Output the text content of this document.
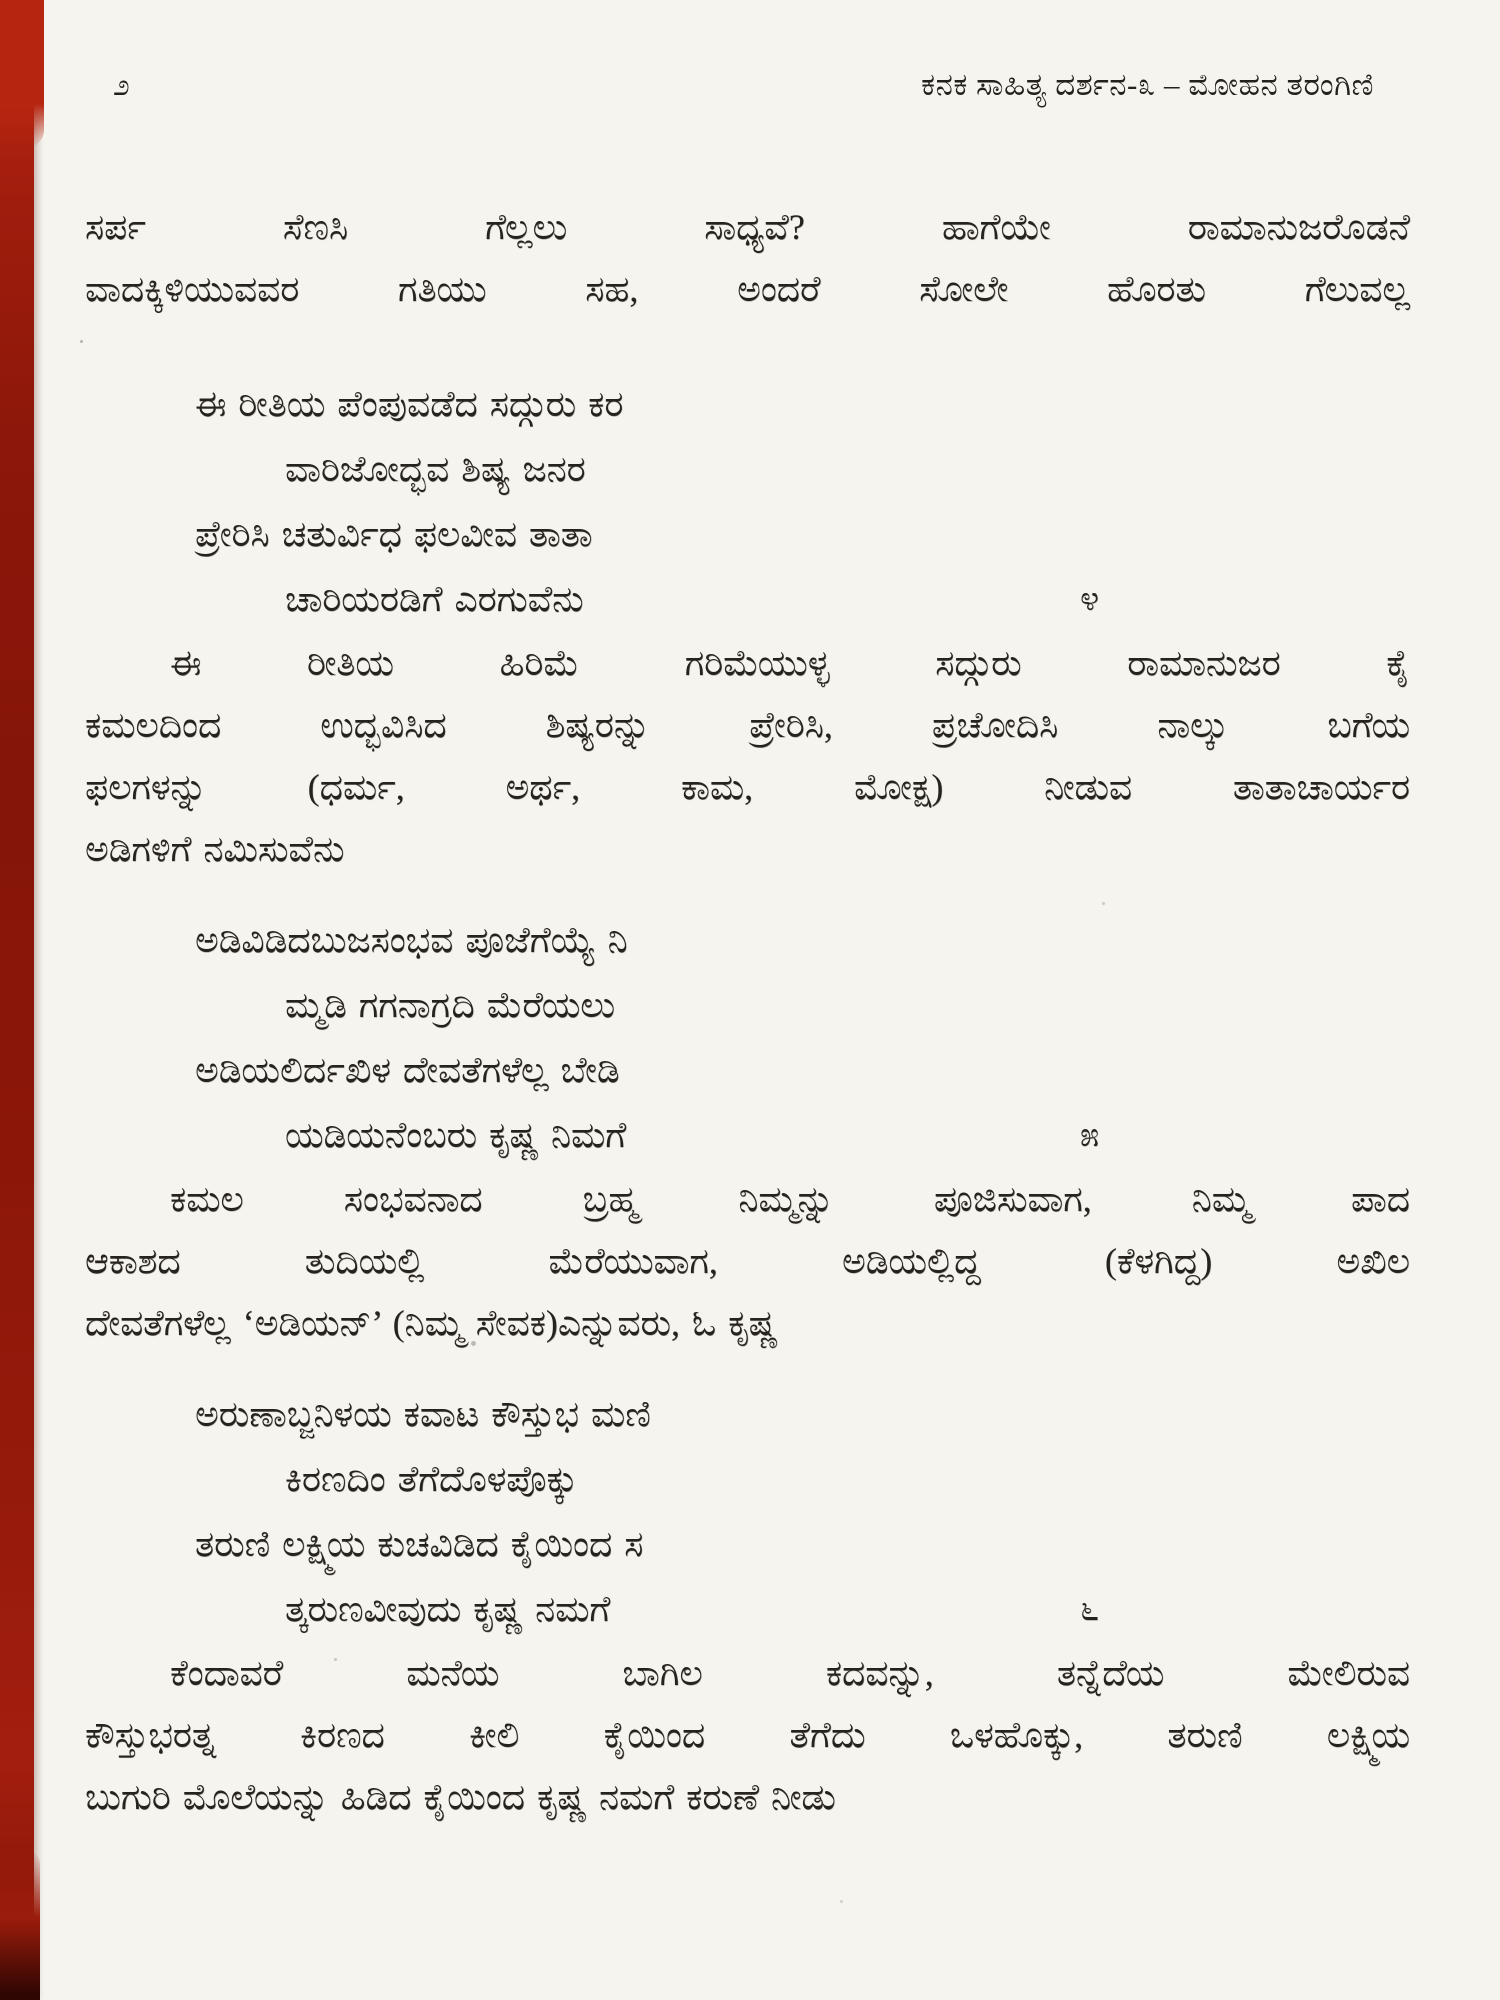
೨	ಕನಕ ಸಾಹಿತ್ಯ ದರ್ಶನ-೩ – ಮೋಹನ ತರಂಗಿಣಿ
ಸರ್ಪ ಸೆಣಸಿ ಗೆಲ್ಲಲು ಸಾಧ್ಯವೆ? ಹಾಗೆಯೇ ರಾಮಾನುಜರೊಡನೆ
ವಾದಕ್ಕಿಳಿಯುವವರ ಗತಿಯು ಸಹ, ಅಂದರೆ ಸೋಲೇ ಹೊರತು ಗೆಲುವಲ್ಲ
ಈ ರೀತಿಯ ಪೆಂಪುವಡೆದ ಸದ್ಗುರು ಕರ
ವಾರಿಜೋದ್ಭವ ಶಿಷ್ಯ ಜನರ
ಪ್ರೇರಿಸಿ ಚತುರ್ವಿಧ ಫಲವೀವ ತಾತಾ
ಚಾರಿಯರಡಿಗೆ ಎರಗುವೆನು	೪
ಈ ರೀತಿಯ ಹಿರಿಮೆ ಗರಿಮೆಯುಳ್ಳ ಸದ್ಗುರು ರಾಮಾನುಜರ ಕೈ
ಕಮಲದಿಂದ ಉದ್ಭವಿಸಿದ ಶಿಷ್ಯರನ್ನು ಪ್ರೇರಿಸಿ, ಪ್ರಚೋದಿಸಿ ನಾಲ್ಕು ಬಗೆಯ
ಫಲಗಳನ್ನು (ಧರ್ಮ, ಅರ್ಥ, ಕಾಮ, ಮೋಕ್ಷ) ನೀಡುವ ತಾತಾಚಾರ್ಯರ
ಅಡಿಗಳಿಗೆ ನಮಿಸುವೆನು
ಅಡಿವಿಡಿದಬುಜಸಂಭವ ಪೂಜೆಗೆಯ್ಯೆ ನಿ
ಮ್ಮಡಿ ಗಗನಾಗ್ರದಿ ಮೆರೆಯಲು
ಅಡಿಯಲಿರ್ದಖಿಳ ದೇವತೆಗಳೆಲ್ಲ ಬೇಡಿ
ಯಡಿಯನೆಂಬರು ಕೃಷ್ಣ ನಿಮಗೆ	೫
ಕಮಲ ಸಂಭವನಾದ ಬ್ರಹ್ಮ ನಿಮ್ಮನ್ನು ಪೂಜಿಸುವಾಗ, ನಿಮ್ಮ ಪಾದ
ಆಕಾಶದ ತುದಿಯಲ್ಲಿ ಮೆರೆಯುವಾಗ, ಅಡಿಯಲ್ಲಿದ್ದ (ಕೆಳಗಿದ್ದ) ಅಖಿಲ
ದೇವತೆಗಳೆಲ್ಲ ‘ಅಡಿಯನ್’ (ನಿಮ್ಮ ಸೇವಕ)ಎನ್ನುವರು, ಓ ಕೃಷ್ಣ
ಅರುಣಾಬ್ಜನಿಳಯ ಕವಾಟ ಕೌಸ್ತುಭ ಮಣಿ
ಕಿರಣದಿಂ ತೆಗೆದೊಳಪೊಕ್ಕು
ತರುಣಿ ಲಕ್ಷ್ಮಿಯ ಕುಚವಿಡಿದ ಕೈಯಿಂದ ಸ
ತ್ಕರುಣವೀವುದು ಕೃಷ್ಣ ನಮಗೆ	೬
ಕೆಂದಾವರೆ ಮನೆಯ ಬಾಗಿಲ ಕದವನ್ನು, ತನ್ನೆದೆಯ ಮೇಲಿರುವ
ಕೌಸ್ತುಭರತ್ನ ಕಿರಣದ ಕೀಲಿ ಕೈಯಿಂದ ತೆಗೆದು ಒಳಹೊಕ್ಕು, ತರುಣಿ ಲಕ್ಷ್ಮಿಯ
ಬುಗುರಿ ಮೊಲೆಯನ್ನು ಹಿಡಿದ ಕೈಯಿಂದ ಕೃಷ್ಣ ನಮಗೆ ಕರುಣೆ ನೀಡು
